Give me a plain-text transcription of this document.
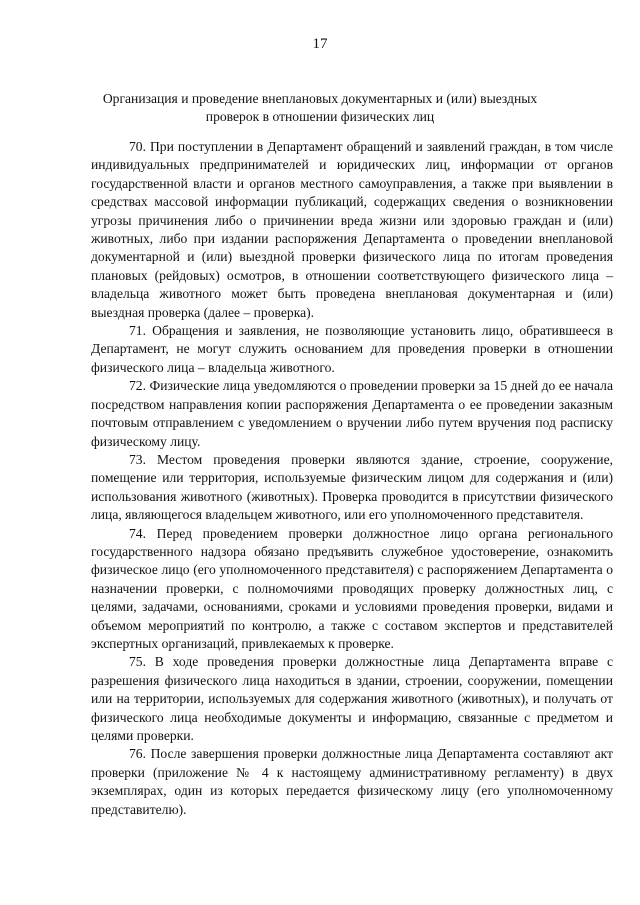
17
Организация и проведение внеплановых документарных и (или) выездных проверок в отношении физических лиц

70. При поступлении в Департамент обращений и заявлений граждан, в том числе индивидуальных предпринимателей и юридических лиц, информации от органов государственной власти и органов местного самоуправления, а также при выявлении в средствах массовой информации публикаций, содержащих сведения о возникновении угрозы причинения либо о причинении вреда жизни или здоровью граждан и (или) животных, либо при издании распоряжения Департамента о проведении внеплановой документарной и (или) выездной проверки физического лица по итогам проведения плановых (рейдовых) осмотров, в отношении соответствующего физического лица – владельца животного может быть проведена внеплановая документарная и (или) выездная проверка (далее – проверка).

71. Обращения и заявления, не позволяющие установить лицо, обратившееся в Департамент, не могут служить основанием для проведения проверки в отношении физического лица – владельца животного.

72. Физические лица уведомляются о проведении проверки за 15 дней до ее начала посредством направления копии распоряжения Департамента о ее проведении заказным почтовым отправлением с уведомлением о вручении либо путем вручения под расписку физическому лицу.

73. Местом проведения проверки являются здание, строение, сооружение, помещение или территория, используемые физическим лицом для содержания и (или) использования животного (животных). Проверка проводится в присутствии физического лица, являющегося владельцем животного, или его уполномоченного представителя.

74. Перед проведением проверки должностное лицо органа регионального государственного надзора обязано предъявить служебное удостоверение, ознакомить физическое лицо (его уполномоченного представителя) с распоряжением Департамента о назначении проверки, с полномочиями проводящих проверку должностных лиц, с целями, задачами, основаниями, сроками и условиями проведения проверки, видами и объемом мероприятий по контролю, а также с составом экспертов и представителей экспертных организаций, привлекаемых к проверке.

75. В ходе проведения проверки должностные лица Департамента вправе с разрешения физического лица находиться в здании, строении, сооружении, помещении или на территории, используемых для содержания животного (животных), и получать от физического лица необходимые документы и информацию, связанные с предметом и целями проверки.

76. После завершения проверки должностные лица Департамента составляют акт проверки (приложение № 4 к настоящему административному регламенту) в двух экземплярах, один из которых передается физическому лицу (его уполномоченному представителю).
